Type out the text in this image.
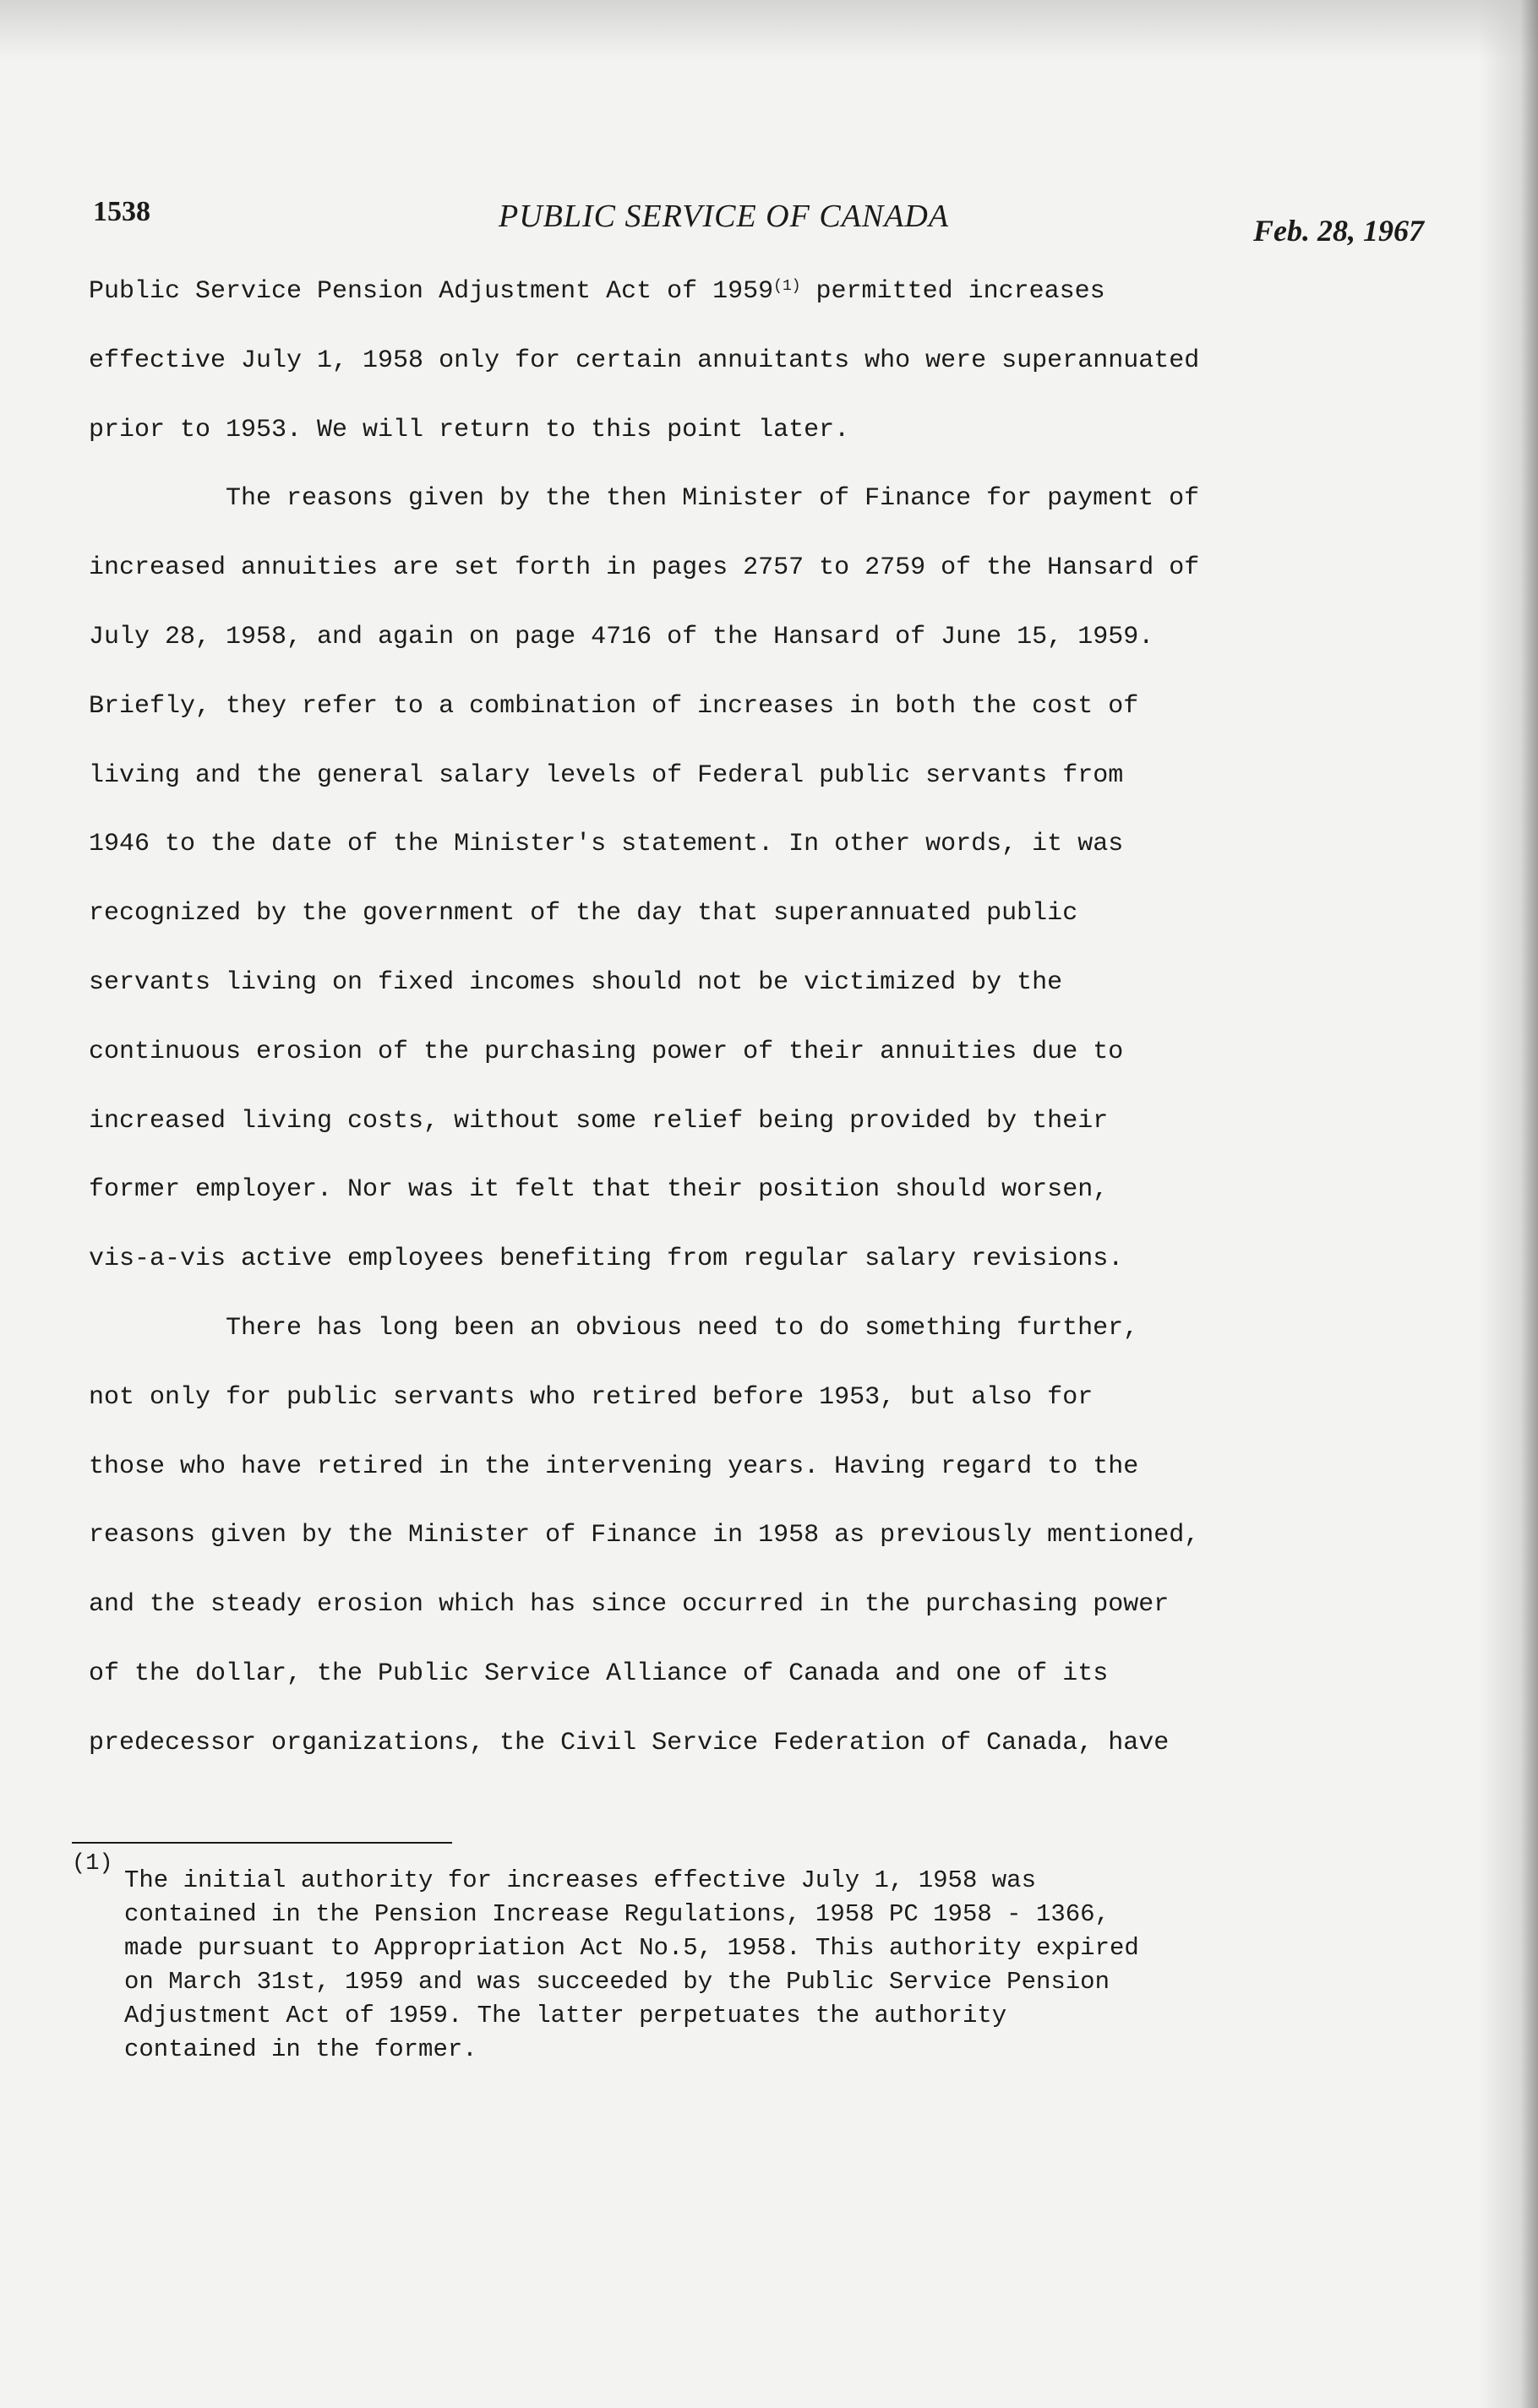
1538	PUBLIC SERVICE OF CANADA	Feb. 28, 1967
Public Service Pension Adjustment Act of 1959$^{(1)}$ permitted increases
effective July 1, 1958 only for certain annuitants who were superannuated
prior to 1953. We will return to this point later.
The reasons given by the then Minister of Finance for payment of
increased annuities are set forth in pages 2757 to 2759 of the Hansard of
July 28, 1958, and again on page 4716 of the Hansard of June 15, 1959.
Briefly, they refer to a combination of increases in both the cost of
living and the general salary levels of Federal public servants from
1946 to the date of the Minister's statement. In other words, it was
recognized by the government of the day that superannuated public
servants living on fixed incomes should not be victimized by the
continuous erosion of the purchasing power of their annuities due to
increased living costs, without some relief being provided by their
former employer. Nor was it felt that their position should worsen,
vis-a-vis active employees benefiting from regular salary revisions.
There has long been an obvious need to do something further,
not only for public servants who retired before 1953, but also for
those who have retired in the intervening years. Having regard to the
reasons given by the Minister of Finance in 1958 as previously mentioned,
and the steady erosion which has since occurred in the purchasing power
of the dollar, the Public Service Alliance of Canada and one of its
predecessor organizations, the Civil Service Federation of Canada, have
(1)
The initial authority for increases effective July 1, 1958 was
contained in the Pension Increase Regulations, 1958 PC 1958 - 1366,
made pursuant to Appropriation Act No.5, 1958. This authority expired
on March 31st, 1959 and was succeeded by the Public Service Pension
Adjustment Act of 1959. The latter perpetuates the authority
contained in the former.
